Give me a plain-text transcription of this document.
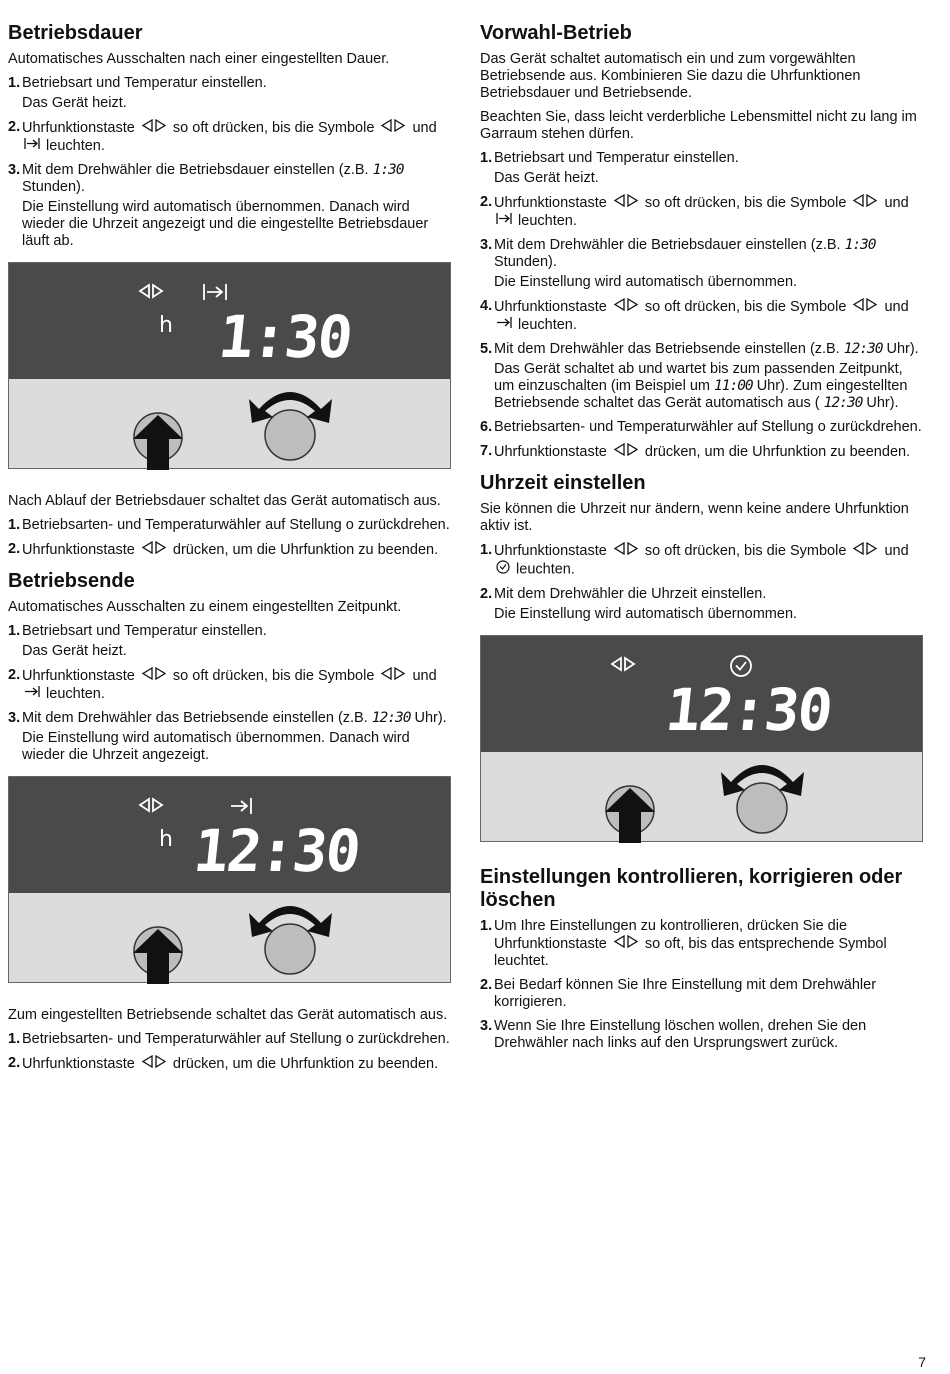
Betriebsdauer

Automatisches Ausschalten nach einer eingestellten Dauer.

1. Betriebsart und Temperatur einstellen.
Das Gerät heizt.
2. Uhrfunktionstaste	so oft drücken, bis die Symbole	und  leuchten.
3. Mit dem Drehwähler die Betriebsdauer einstellen (z.B. 1:30 Stunden).
Die Einstellung wird automatisch übernommen. Danach wird wieder die Uhrzeit angezeigt und die eingestellte Betriebsdauer läuft ab.
h 1:30

Nach Ablauf der Betriebsdauer schaltet das Gerät automatisch aus.

1. Betriebsarten- und Temperaturwähler auf Stellung o zurückdrehen.
2. Uhrfunktionstaste	drücken, um die Uhrfunktion zu beenden.
Betriebsende

Automatisches Ausschalten zu einem eingestellten Zeitpunkt.

1. Betriebsart und Temperatur einstellen.
Das Gerät heizt.
2. Uhrfunktionstaste	so oft drücken, bis die Symbole	und  leuchten.
3. Mit dem Drehwähler das Betriebsende einstellen (z.B. 12:30 Uhr).
Die Einstellung wird automatisch übernommen. Danach wird wieder die Uhrzeit angezeigt.
h 12:30

Zum eingestellten Betriebsende schaltet das Gerät automatisch aus.

1. Betriebsarten- und Temperaturwähler auf Stellung o zurückdrehen.
2. Uhrfunktionstaste	drücken, um die Uhrfunktion zu beenden.
Vorwahl-Betrieb

Das Gerät schaltet automatisch ein und zum vorgewählten Betriebsende aus. Kombinieren Sie dazu die Uhrfunktionen Betriebsdauer und Betriebsende.

Beachten Sie, dass leicht verderbliche Lebensmittel nicht zu lang im Garraum stehen dürfen.

1. Betriebsart und Temperatur einstellen.
Das Gerät heizt.
2. Uhrfunktionstaste	so oft drücken, bis die Symbole	und  leuchten.
3. Mit dem Drehwähler die Betriebsdauer einstellen (z.B. 1:30 Stunden).
Die Einstellung wird automatisch übernommen.
4. Uhrfunktionstaste	so oft drücken, bis die Symbole	und  leuchten.
5. Mit dem Drehwähler das Betriebsende einstellen (z.B. 12:30 Uhr).
Das Gerät schaltet ab und wartet bis zum passenden Zeitpunkt, um einzuschalten (im Beispiel um 11:00 Uhr). Zum eingestellten Betriebsende schaltet das Gerät automatisch aus ( 12:30 Uhr).
6. Betriebsarten- und Temperaturwähler auf Stellung o zurückdrehen.
7. Uhrfunktionstaste	drücken, um die Uhrfunktion zu beenden.
Uhrzeit einstellen

Sie können die Uhrzeit nur ändern, wenn keine andere Uhrfunktion aktiv ist.

1. Uhrfunktionstaste	so oft drücken, bis die Symbole	und  leuchten.
2. Mit dem Drehwähler die Uhrzeit einstellen.
Die Einstellung wird automatisch übernommen.
12:30
Einstellungen kontrollieren, korrigieren oder löschen
1. Um Ihre Einstellungen zu kontrollieren, drücken Sie die Uhrfunktionstaste	so oft, bis das entsprechende Symbol leuchtet.
2. Bei Bedarf können Sie Ihre Einstellung mit dem Drehwähler korrigieren.
3. Wenn Sie Ihre Einstellung löschen wollen, drehen Sie den Drehwähler nach links auf den Ursprungswert zurück.
7
